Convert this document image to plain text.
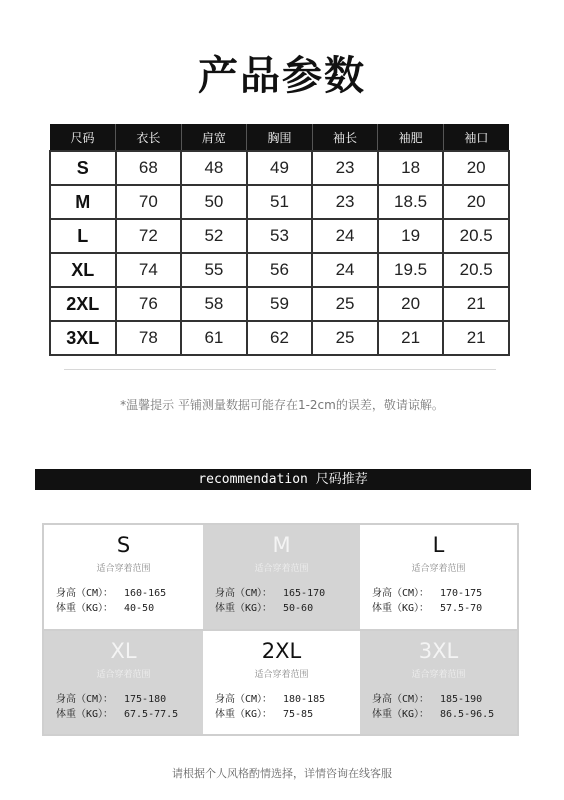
产品参数
尺码	衣长	肩宽	胸围	袖长	袖肥	袖口
S	68	48	49	23	18	20
M	70	50	51	23	18.5	20
L	72	52	53	24	19	20.5
XL	74	55	56	24	19.5	20.5
2XL	76	58	59	25	20	21
3XL	78	61	62	25	21	21
*温馨提示 平铺测量数据可能存在1-2cm的误差，敬请谅解。
recommendation 尺码推荐
S
适合穿着范围
身高（CM）：	160-165
体重（KG）：	40-50
M
适合穿着范围
身高（CM）：	165-170
体重（KG）：	50-60
L
适合穿着范围
身高（CM）：	170-175
体重（KG）：	57.5-70
XL
适合穿着范围
身高（CM）：	175-180
体重（KG）：	67.5-77.5
2XL
适合穿着范围
身高（CM）：	180-185
体重（KG）：	75-85
3XL
适合穿着范围
身高（CM）：	185-190
体重（KG）：	86.5-96.5
请根据个人风格酌情选择，详情咨询在线客服
